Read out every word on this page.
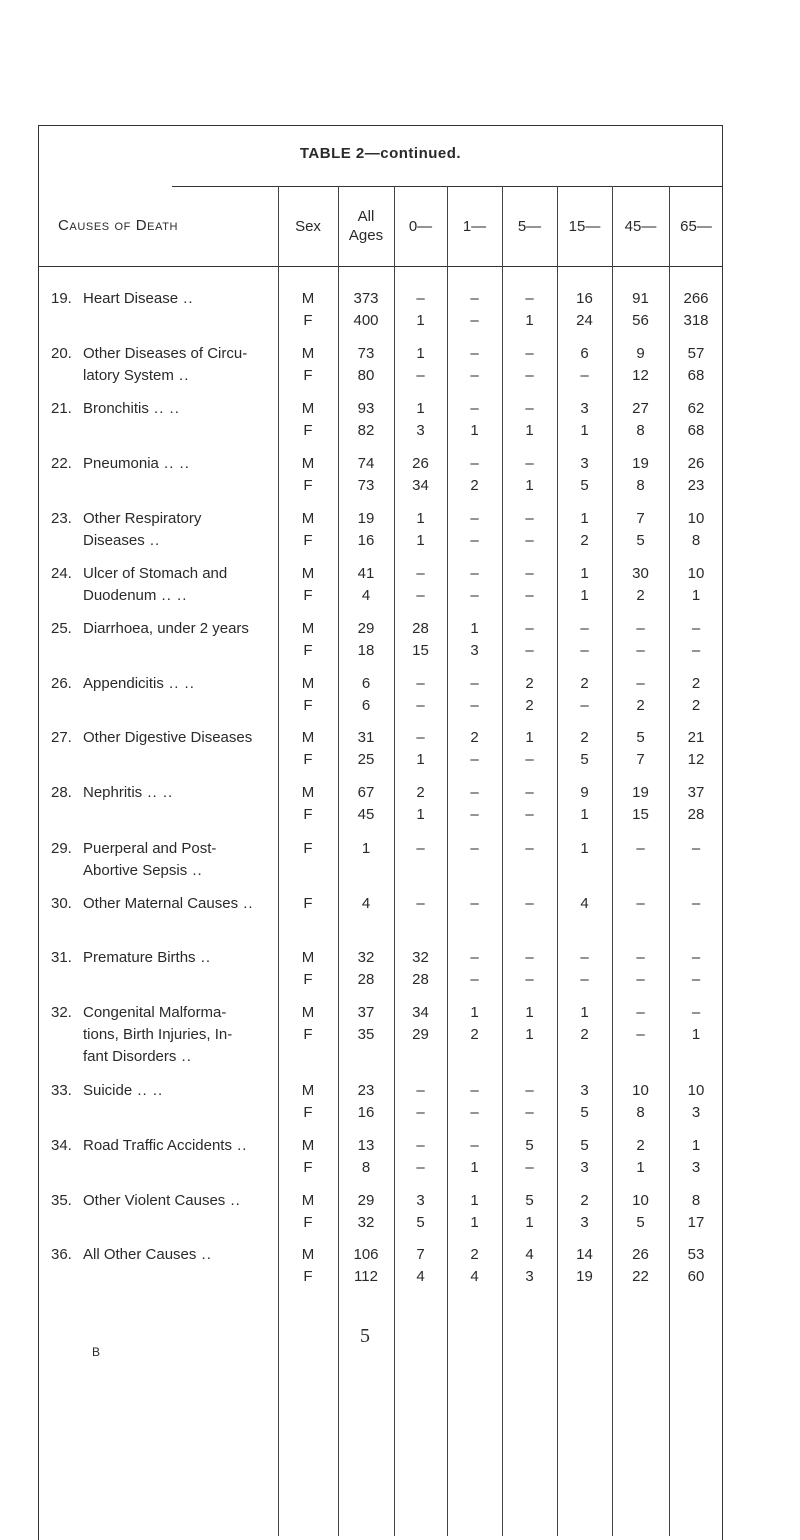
TABLE 2—continued.
Causes of Death	Sex
All Ages
0—	1—	5—	15—	45—	65—
19. Heart Disease ..	M	373	–	–	–	16	91	266
F	400	1	–	1	24	56	318
20. Other Diseases of Circu-
latory System ..
M	73	1	–	–	6	9	57
F	80	–	–	–	–	12	68
21. Bronchitis .. ..	M	93	1	–	–	3	27	62
F	82	3	1	1	1	8	68
22. Pneumonia .. ..	M	74	26	–	–	3	19	26
F	73	34	2	1	5	8	23
23. Other Respiratory
Diseases ..
M	19	1	–	–	1	7	10
F	16	1	–	–	2	5	8
24. Ulcer of Stomach and
Duodenum .. ..
M	41	–	–	–	1	30	10
F	4	–	–	–	1	2	1
25. Diarrhoea, under 2 years	M	29	28	1	–	–	–	–
F	18	15	3	–	–	–	–
26. Appendicitis .. ..	M	6	–	–	2	2	–	2
F	6	–	–	2	–	2	2
27. Other Digestive Diseases	M	31	–	2	1	2	5	21
F	25	1	–	–	5	7	12
28. Nephritis .. ..	M	67	2	–	–	9	19	37
F	45	1	–	–	1	15	28
29. Puerperal and Post-
Abortive Sepsis ..
F	1	–	–	–	1	–	–
30. Other Maternal Causes ..	F	4	–	–	–	4	–	–
31. Premature Births ..	M	32	32	–	–	–	–	–
F	28	28	–	–	–	–	–
32. Congenital Malforma-
tions, Birth Injuries, In-
fant Disorders ..
M	37	34	1	1	1	–	–
F	35	29	2	1	2	–	1
33. Suicide .. ..	M	23	–	–	–	3	10	10
F	16	–	–	–	5	8	3
34. Road Traffic Accidents ..	M	13	–	–	5	5	2	1
F	8	–	1	–	3	1	3
35. Other Violent Causes ..	M	29	3	1	5	2	10	8
F	32	5	1	1	3	5	17
36. All Other Causes ..	M	106	7	2	4	14	26	53
F	112	4	4	3	19	22	60
5
B
